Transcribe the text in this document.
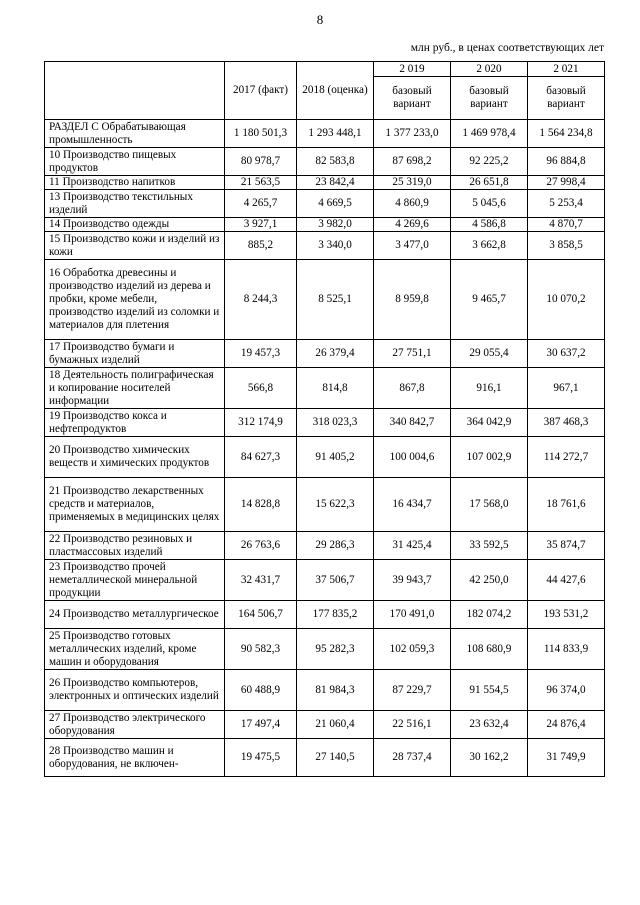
8
млн руб., в ценах соответствующих лет
	2017 (факт)	2018 (оценка)	2 019	2 020	2 021
			базовый вариант	базовый вариант	базовый вариант
РАЗДЕЛ С Обрабатывающая промышленность	1 180 501,3	1 293 448,1	1 377 233,0	1 469 978,4	1 564 234,8
10 Производство пищевых продуктов	80 978,7	82 583,8	87 698,2	92 225,2	96 884,8
11 Производство напитков	21 563,5	23 842,4	25 319,0	26 651,8	27 998,4
13 Производство текстильных изделий	4 265,7	4 669,5	4 860,9	5 045,6	5 253,4
14 Производство одежды	3 927,1	3 982,0	4 269,6	4 586,8	4 870,7
15 Производство кожи и изделий из кожи	885,2	3 340,0	3 477,0	3 662,8	3 858,5
16 Обработка древесины и производство изделий из дерева и пробки, кроме мебели, производство изделий из соломки и материалов для плетения	8 244,3	8 525,1	8 959,8	9 465,7	10 070,2
17 Производство бумаги и бумажных изделий	19 457,3	26 379,4	27 751,1	29 055,4	30 637,2
18 Деятельность полиграфическая и копирование носителей информации	566,8	814,8	867,8	916,1	967,1
19 Производство кокса и нефтепродуктов	312 174,9	318 023,3	340 842,7	364 042,9	387 468,3
20 Производство химических веществ и химических продуктов	84 627,3	91 405,2	100 004,6	107 002,9	114 272,7
21 Производство лекарственных средств и материалов, применяемых в медицинских целях	14 828,8	15 622,3	16 434,7	17 568,0	18 761,6
22 Производство резиновых и пластмассовых изделий	26 763,6	29 286,3	31 425,4	33 592,5	35 874,7
23 Производство прочей неметаллической минеральной продукции	32 431,7	37 506,7	39 943,7	42 250,0	44 427,6
24 Производство металлургическое	164 506,7	177 835,2	170 491,0	182 074,2	193 531,2
25 Производство готовых металлических изделий, кроме машин и оборудования	90 582,3	95 282,3	102 059,3	108 680,9	114 833,9
26 Производство компьютеров, электронных и оптических изделий	60 488,9	81 984,3	87 229,7	91 554,5	96 374,0
27 Производство электрического оборудования	17 497,4	21 060,4	22 516,1	23 632,4	24 876,4
28 Производство машин и оборудования, не включен-	19 475,5	27 140,5	28 737,4	30 162,2	31 749,9
